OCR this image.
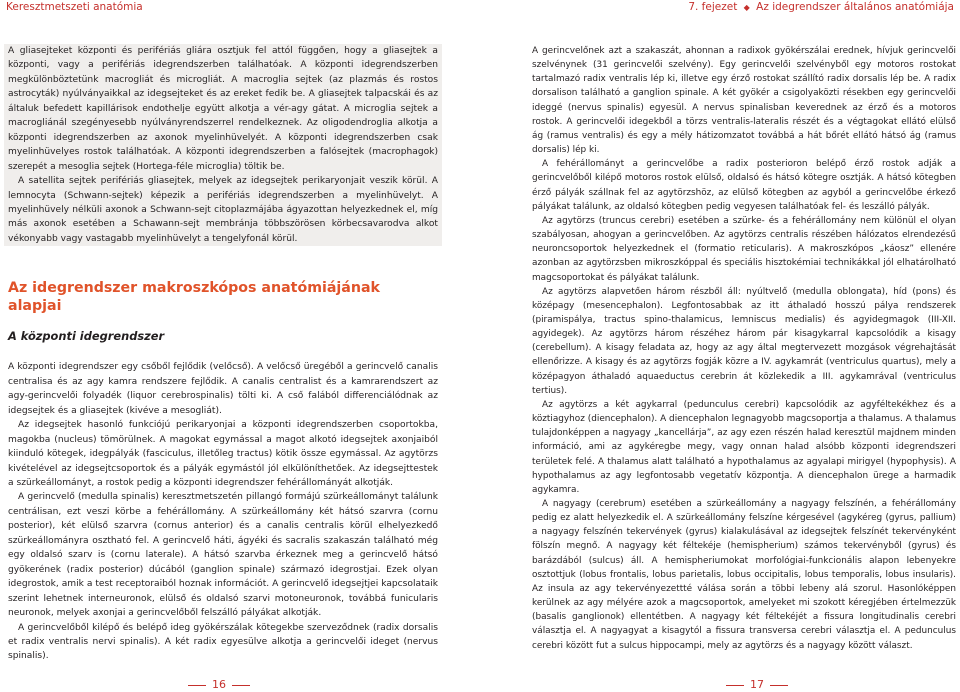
Keresztmetszeti anatómia	7. fejezet ◆ Az idegrendszer általános anatómiája

A gliasejteket központi és perifériás gliára osztjuk fel attól függően, hogy a gliasejtek a központi, vagy a perifériás idegrendszerben találhatóak. A központi idegrendszerben megkülönböztetünk macrogliát és microgliát. A macroglia sejtek (az plazmás és rostos astrocyták) nyúlványaikkal az idegsejteket és az ereket fedik be. A gliasejtek talpacskái és az általuk befedett kapillárisok endothelje együtt alkotja a vér-agy gátat. A microglia sejtek a macrogliánál szegényesebb nyúlványrendszerrel rendelkeznek. Az oligodendroglia alkotja a központi idegrendszerben az axonok myelinhüvelyét. A központi idegrendszerben csak myelinhüvelyes rostok találhatóak. A központi idegrendszerben a falósejtek (macrophagok) szerepét a mesoglia sejtek (Hortega-féle microglia) töltik be.

A satellita sejtek perifériás gliasejtek, melyek az idegsejtek perikaryonjait veszik körül. A lemnocyta (Schwann-sejtek) képezik a perifériás idegrendszerben a myelinhüvelyt. A myelinhüvely nélküli axonok a Schwann-sejt citoplazmájába ágyazottan helyezkednek el, míg más axonok esetében a Schawann-sejt membránja többszörösen körbecsavarodva alkot vékonyabb vagy vastagabb myelinhüvelyt a tengelyfonál körül.

Az idegrendszer makroszkópos anatómiájának alapjai
A központi idegrendszer

A központi idegrendszer egy csőből fejlődik (velőcső). A velőcső üregéből a gerincvelő canalis centralisa és az agy kamra rendszere fejlődik. A canalis centralist és a kamrarendszert az agy-gerincvelői folyadék (liquor cerebrospinalis) tölti ki. A cső falából differenciálódnak az idegsejtek és a gliasejtek (kivéve a mesogliát).

Az idegsejtek hasonló funkciójú perikaryonjai a központi idegrendszerben csoportokba, magokba (nucleus) tömörülnek. A magokat egymással a magot alkotó idegsejtek axonjaiból kiinduló kötegek, idegpályák (fasciculus, illetőleg tractus) kötik össze egymással. Az agytörzs kivételével az idegsejtcsoportok és a pályák egymástól jól elkülöníthetőek. Az idegsejttestek a szürkeállományt, a rostok pedig a központi idegrendszer fehérállományát alkotják.

A gerincvelő (medulla spinalis) keresztmetszetén pillangó formájú szürkeállományt találunk centrálisan, ezt veszi körbe a fehérállomány. A szürkeállomány két hátsó szarvra (cornu posterior), két elülső szarvra (cornus anterior) és a canalis centralis körül elhelyezkedő szürkeállományra osztható fel. A gerincvelő háti, ágyéki és sacralis szakaszán található még egy oldalsó szarv is (cornu laterale). A hátsó szarvba érkeznek meg a gerincvelő hátsó gyökerének (radix posterior) dúcából (ganglion spinale) származó idegrostjai. Ezek olyan idegrostok, amik a test receptoraiból hoznak információt. A gerincvelő idegsejtjei kapcsolataik szerint lehetnek interneuronok, elülső és oldalsó szarvi motoneuronok, továbbá funicularis neuronok, melyek axonjai a gerincvelőből felszálló pályákat alkotják.

A gerincvelőből kilépő és belépő ideg gyökérszálak kötegekbe szerveződnek (radix dorsalis et radix ventralis nervi spinalis). A két radix egyesülve alkotja a gerincvelői ideget (nervus spinalis).

A gerincvelőnek azt a szakaszát, ahonnan a radixok gyökérszálai erednek, hívjuk gerincvelői szelvénynek (31 gerincvelői szelvény). Egy gerincvelői szelvényből egy motoros rostokat tartalmazó radix ventralis lép ki, illetve egy érző rostokat szállító radix dorsalis lép be. A radix dorsalison található a ganglion spinale. A két gyökér a csigolyaközti résekben egy gerincvelői ideggé (nervus spinalis) egyesül. A nervus spinalisban keverednek az érző és a motoros rostok. A gerincvelői idegekből a törzs ventralis-lateralis részét és a végtagokat ellátó elülső ág (ramus ventralis) és egy a mély hátizomzatot továbbá a hát bőrét ellátó hátsó ág (ramus dorsalis) lép ki.

A fehérállományt a gerincvelőbe a radix posterioron belépő érző rostok adják a gerincvelőből kilépő motoros rostok elülső, oldalsó és hátsó kötegre osztják. A hátsó kötegben érző pályák szállnak fel az agytörzshöz, az elülső kötegben az agyból a gerincvelőbe érkező pályákat találunk, az oldalsó kötegben pedig vegyesen találhatóak fel- és leszálló pályák.

Az agytörzs (truncus cerebri) esetében a szürke- és a fehérállomány nem különül el olyan szabályosan, ahogyan a gerincvelőben. Az agytörzs centralis részében hálózatos elrendezésű neuroncsoportok helyezkednek el (formatio reticularis). A makroszkópos „káosz” ellenére azonban az agytörzsben mikroszkóppal és speciális hisztokémiai technikákkal jól elhatárolható magcsoportokat és pályákat találunk.

Az agytörzs alapvetően három részből áll: nyúltvelő (medulla oblongata), híd (pons) és középagy (mesencephalon). Legfontosabbak az itt áthaladó hosszú pálya rendszerek (piramispálya, tractus spino-thalamicus, lemniscus medialis) és agyidegmagok (III-XII. agyidegek). Az agytörzs három részéhez három pár kisagykarral kapcsolódik a kisagy (cerebellum). A kisagy feladata az, hogy az agy által megtervezett mozgások végrehajtását ellenőrizze. A kisagy és az agytörzs fogják közre a IV. agykamrát (ventriculus quartus), mely a középagyon áthaladó aquaeductus cerebrin át közlekedik a III. agykamrával (ventriculus tertius).

Az agytörzs a két agykarral (pedunculus cerebri) kapcsolódik az agyféltekékhez és a köztiagyhoz (diencephalon). A diencephalon legnagyobb magcsoportja a thalamus. A thalamus tulajdonképpen a nagyagy „kancellárja”, az agy ezen részén halad keresztül majdnem minden információ, ami az agykéregbe megy, vagy onnan halad alsóbb központi idegrendszeri területek felé. A thalamus alatt található a hypothalamus az agyalapi mirigyel (hypophysis). A hypothalamus az agy legfontosabb vegetatív központja. A diencephalon ürege a harmadik agykamra.

A nagyagy (cerebrum) esetében a szürkeállomány a nagyagy felszínén, a fehérállomány pedig ez alatt helyezkedik el. A szürkeállomány felszíne kérgesével (agykéreg (gyrus, pallium) a nagyagy felszínén tekervények (gyrus) kialakulásával az idegsejtek felszínét tekervényként fölszín megnő. A nagyagy két féltekéje (hemispherium) számos tekervényből (gyrus) és barázdából (sulcus) áll. A hemispheriumokat morfológiai-funkcionális alapon lebenyekre osztottjuk (lobus frontalis, lobus parietalis, lobus occipitalis, lobus temporalis, lobus insularis). Az insula az agy tekervényezettté válása során a többi lebeny alá szorul. Hasonlóképpen kerülnek az agy mélyére azok a magcsoportok, amelyeket mi szokott kéregjében értelmezzük (basalis ganglionok) ellentétben. A nagyagy két féltekéjét a fissura longitudinalis cerebri választja el. A nagyagyat a kisagytól a fissura transversa cerebri választja el. A pedunculus cerebri között fut a sulcus hippocampi, mely az agytörzs és a nagyagy között választ.

16	17
